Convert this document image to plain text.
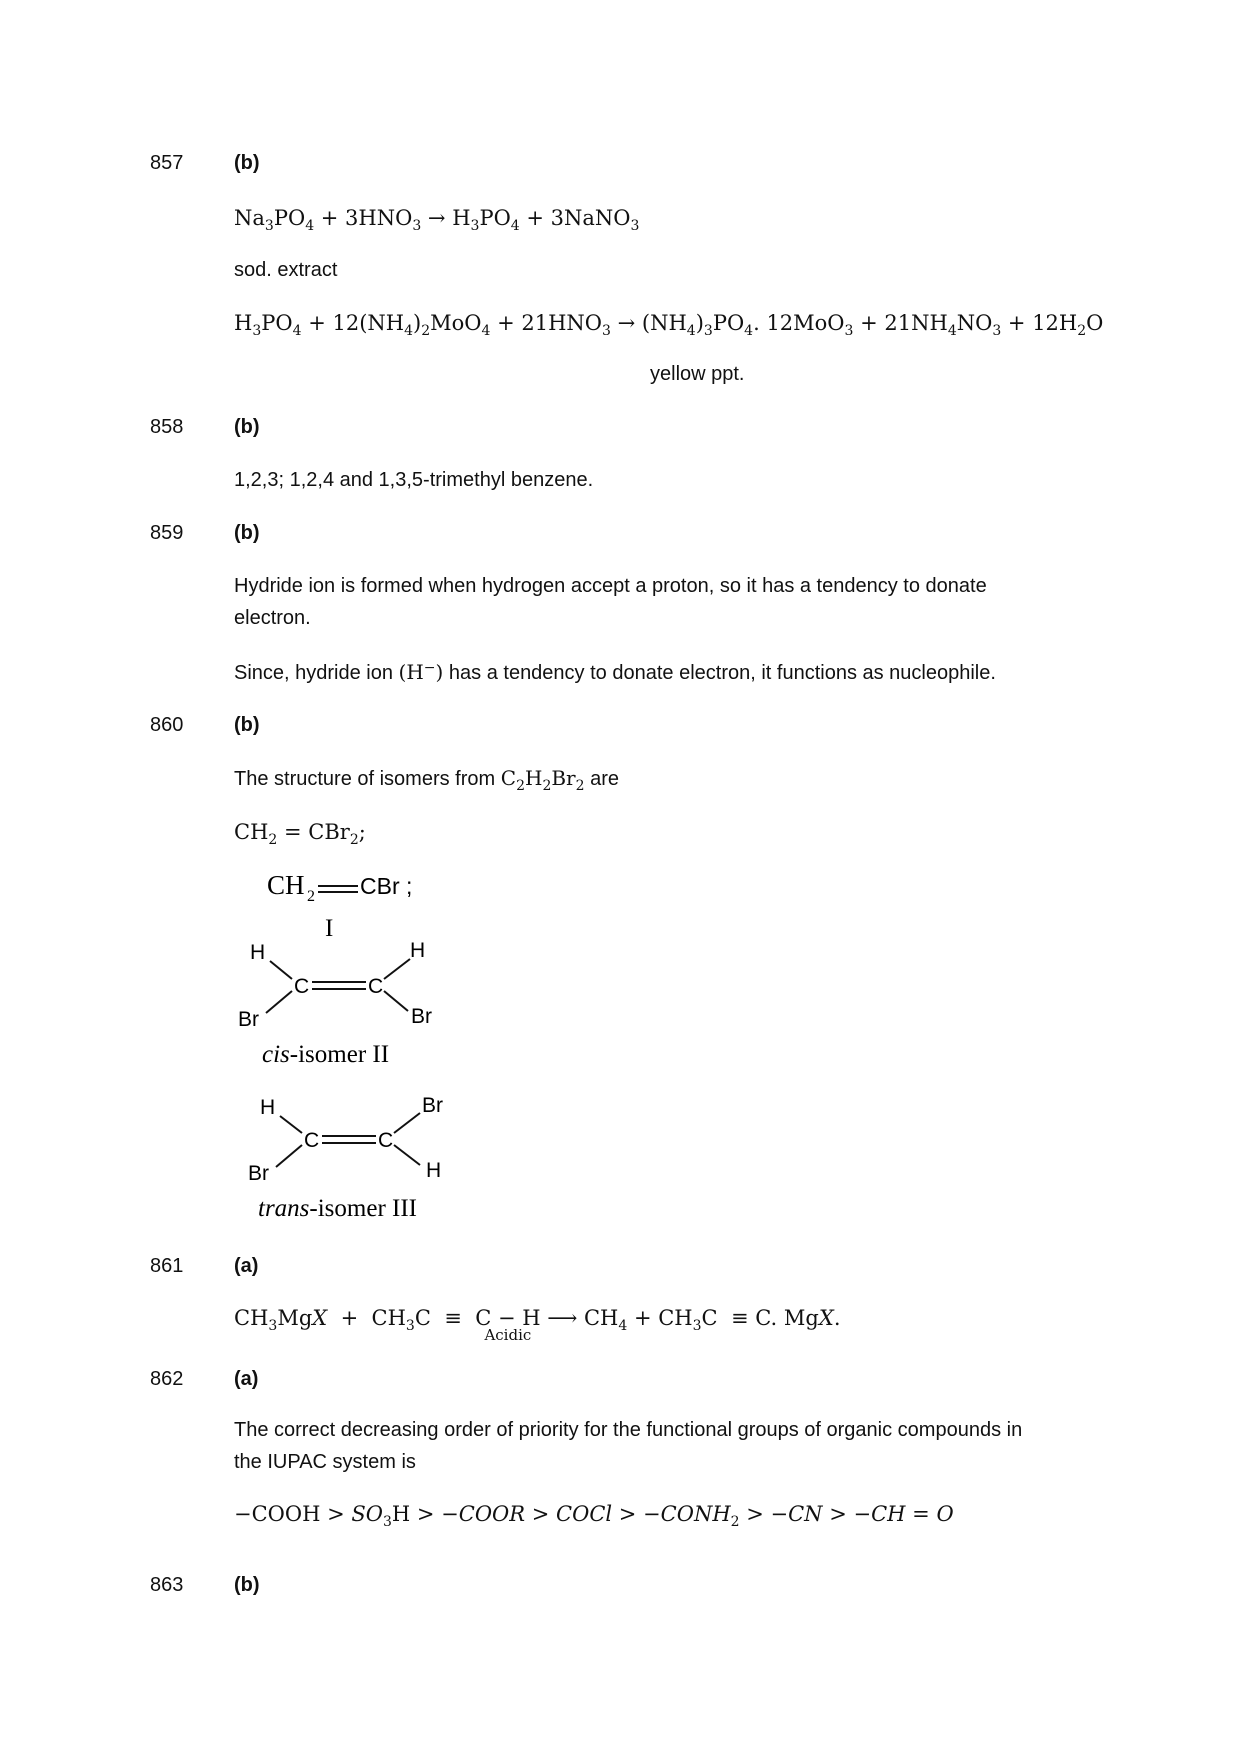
857	(b)
$Na_3PO_4 + 3HNO_3 \to H_3PO_4$ + 3NaNO$_3$
sod. extract
$H_3PO_4 + 12(NH_4)_2MoO_4 + 21HNO_3 \to (NH_4)_3PO_4$. $12MoO_3 + 21NH_4NO_3 + 12H_2O$
yellow ppt.
858	(b)
1,2,3; 1,2,4 and 1,3,5-trimethyl benzene.
859	(b)
Hydride ion is formed when hydrogen accept a proton, so it has a tendency to donate
electron.
Since, hydride ion (H−) has a tendency to donate electron, it functions as nucleophile.
860	(b)
The structure of isomers from $C_2H_2Br_2$ are
$CH_2 = CBr_2$;
CH 2 CBr ;
I
H	H
Br	Br
C	C
cis-isomer II
H	Br
Br	H
C	C
trans-isomer III
861	(a)
$CH_3MgX + CH_3C \equiv C - H$
Acidic
⟶ $CH_4 + CH_3C \equiv C$. MgX.
862	(a)
The correct decreasing order of priority for the functional groups of organic compounds in
the IUPAC system is
−COOH > $SO_3H$ > −COOR > COCl > $-CONH_2 > -CN > -CH = O$
863	(b)
